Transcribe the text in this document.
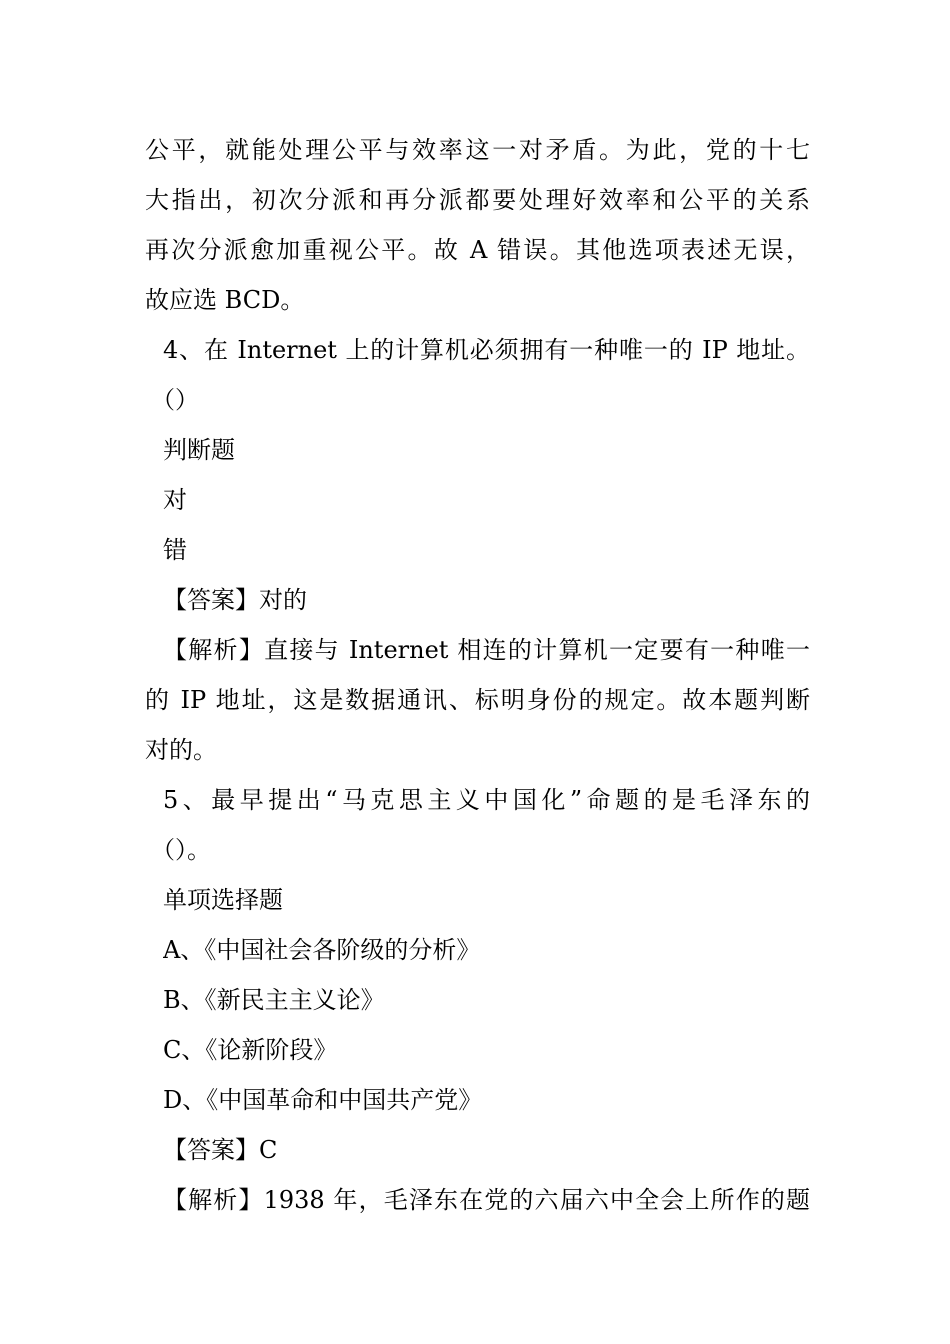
公平，就能处理公平与效率这一对矛盾。为此，党的十七
大指出，初次分派和再分派都要处理好效率和公平的关系
再次分派愈加重视公平。故 A 错误。其他选项表述无误，
故应选 BCD。
4、在 Internet 上的计算机必须拥有一种唯一的 IP 地址。
（）
判断题
对
错
【答案】对的
【解析】直接与 Internet 相连的计算机一定要有一种唯一
的 IP 地址，这是数据通讯、标明身份的规定。故本题判断
对的。
5、最早提出“马克思主义中国化”命题的是毛泽东的
（）。
单项选择题
A、《中国社会各阶级的分析》
B、《新民主主义论》
C、《论新阶段》
D、《中国革命和中国共产党》
【答案】C
【解析】1938 年，毛泽东在党的六届六中全会上所作的题
